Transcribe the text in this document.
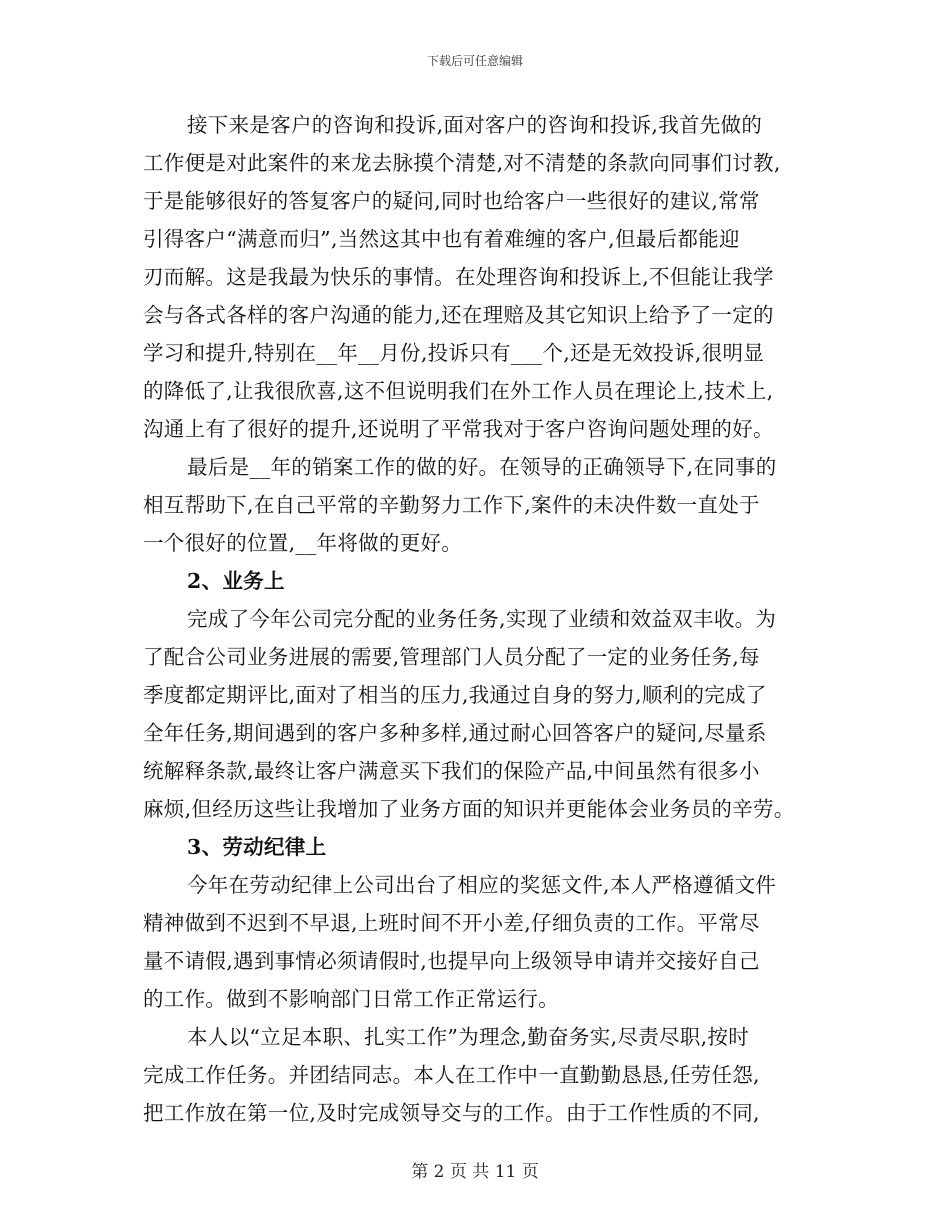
下载后可任意编辑
接下来是客户的咨询和投诉,面对客户的咨询和投诉,我首先做的
工作便是对此案件的来龙去脉摸个清楚,对不清楚的条款向同事们讨教,
于是能够很好的答复客户的疑问,同时也给客户一些很好的建议,常常
引得客户“满意而归”,当然这其中也有着难缠的客户,但最后都能迎
刃而解。这是我最为快乐的事情。在处理咨询和投诉上,不但能让我学
会与各式各样的客户沟通的能力,还在理赔及其它知识上给予了一定的
学习和提升,特别在__年__月份,投诉只有___个,还是无效投诉,很明显
的降低了,让我很欣喜,这不但说明我们在外工作人员在理论上,技术上,
沟通上有了很好的提升,还说明了平常我对于客户咨询问题处理的好。
最后是__年的销案工作的做的好。在领导的正确领导下,在同事的
相互帮助下,在自己平常的辛勤努力工作下,案件的未决件数一直处于
一个很好的位置,__年将做的更好。
2、业务上
完成了今年公司完分配的业务任务,实现了业绩和效益双丰收。为
了配合公司业务进展的需要,管理部门人员分配了一定的业务任务,每
季度都定期评比,面对了相当的压力,我通过自身的努力,顺利的完成了
全年任务,期间遇到的客户多种多样,通过耐心回答客户的疑问,尽量系
统解释条款,最终让客户满意买下我们的保险产品,中间虽然有很多小
麻烦,但经历这些让我增加了业务方面的知识并更能体会业务员的辛劳。
3、劳动纪律上
今年在劳动纪律上公司出台了相应的奖惩文件,本人严格遵循文件
精神做到不迟到不早退,上班时间不开小差,仔细负责的工作。平常尽
量不请假,遇到事情必须请假时,也提早向上级领导申请并交接好自己
的工作。做到不影响部门日常工作正常运行。
本人以“立足本职、扎实工作”为理念,勤奋务实,尽责尽职,按时
完成工作任务。并团结同志。本人在工作中一直勤勤恳恳,任劳任怨,
把工作放在第一位,及时完成领导交与的工作。由于工作性质的不同,
第 2 页 共 11 页
